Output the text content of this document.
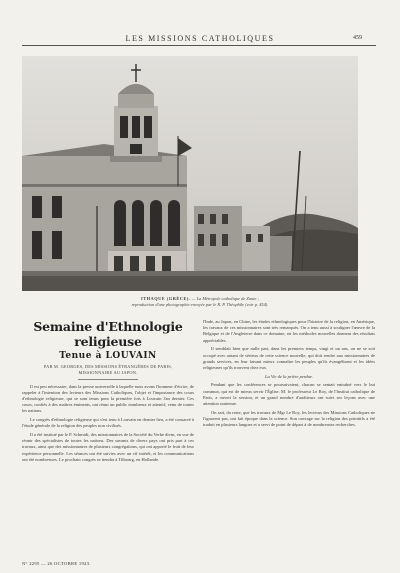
LES MISSIONS CATHOLIQUES	459
ITHAQUE (GRÈCE). — La Métropole catholique de Zante ;
reproduction d'une photographie envoyée par le R. P. Théophile (voir p. 454).
Semaine d'Ethnologie religieuse
Tenue à LOUVAIN

PAR M. GEORGES, DES MISSIONS ÉTRANGÈRES DE PARIS,
MISSIONNAIRE AU JAPON.

Il est peu nécessaire, dans la presse universelle à laquelle nous avons l'honneur d'écrire, de rappeler à l'intention des lecteurs des Missions Catholiques, l'objet et l'importance des cours d'ethnologie religieuse, qui se sont tenus pour la première fois à Louvain l'an dernier. Ces cours, confiés à des maîtres éminents, ont réuni un public nombreux et attentif, venu de toutes les nations.

Le congrès d'ethnologie religieuse qui s'est tenu à Louvain en dernier lieu, a été consacré à l'étude générale de la religion des peuples non civilisés.

Il a été institué par le P. Schmidt, des missionnaires de la Société du Verbe divin, en vue de réunir des spécialistes de toutes les nations. Des savants de divers pays ont pris part à ces travaux, ainsi que des missionnaires de plusieurs congrégations, qui ont apporté le fruit de leur expérience personnelle. Les séances ont été suivies avec un vif intérêt, et les communications ont été nombreuses. Le prochain congrès se tiendra à Tilbourg, en Hollande.

l'Inde, au Japon, en Chine, les études ethnologiques pour l'histoire de la religion, en Amérique, les travaux de ces missionnaires sont très remarqués. On a tenu aussi à souligner l'œuvre de la Belgique et de l'Angleterre dans ce domaine, où les méthodes nouvelles donnent des résultats appréciables.

Il semblait bien que nulle part, dans les premiers temps, vingt et un ans, on ne se soit occupé avec autant de sérieux de cette science nouvelle, qui doit rendre aux missionnaires de grands services, en leur faisant mieux connaître les peuples qu'ils évangélisent et les idées religieuses qu'ils trouvent chez eux.

La Vie de la prière perdue.

Pendant que les conférences se poursuivaient, chacun se sentait entraîné vers le but commun, qui est de mieux servir l'Église. M. le professeur Le Roy, de l'Institut catholique de Paris, a ouvert la session, et un grand nombre d'auditeurs ont suivi ses leçons avec une attention soutenue.

On sait, du reste, que les travaux de Mgr Le Roy, les lecteurs des Missions Catholiques ne l'ignorent pas, ont fait époque dans la science. Son ouvrage sur la religion des primitifs a été traduit en plusieurs langues et a servi de point de départ à de nombreuses recherches.

N° 2295 — 26 OCTOBRE 1923.
